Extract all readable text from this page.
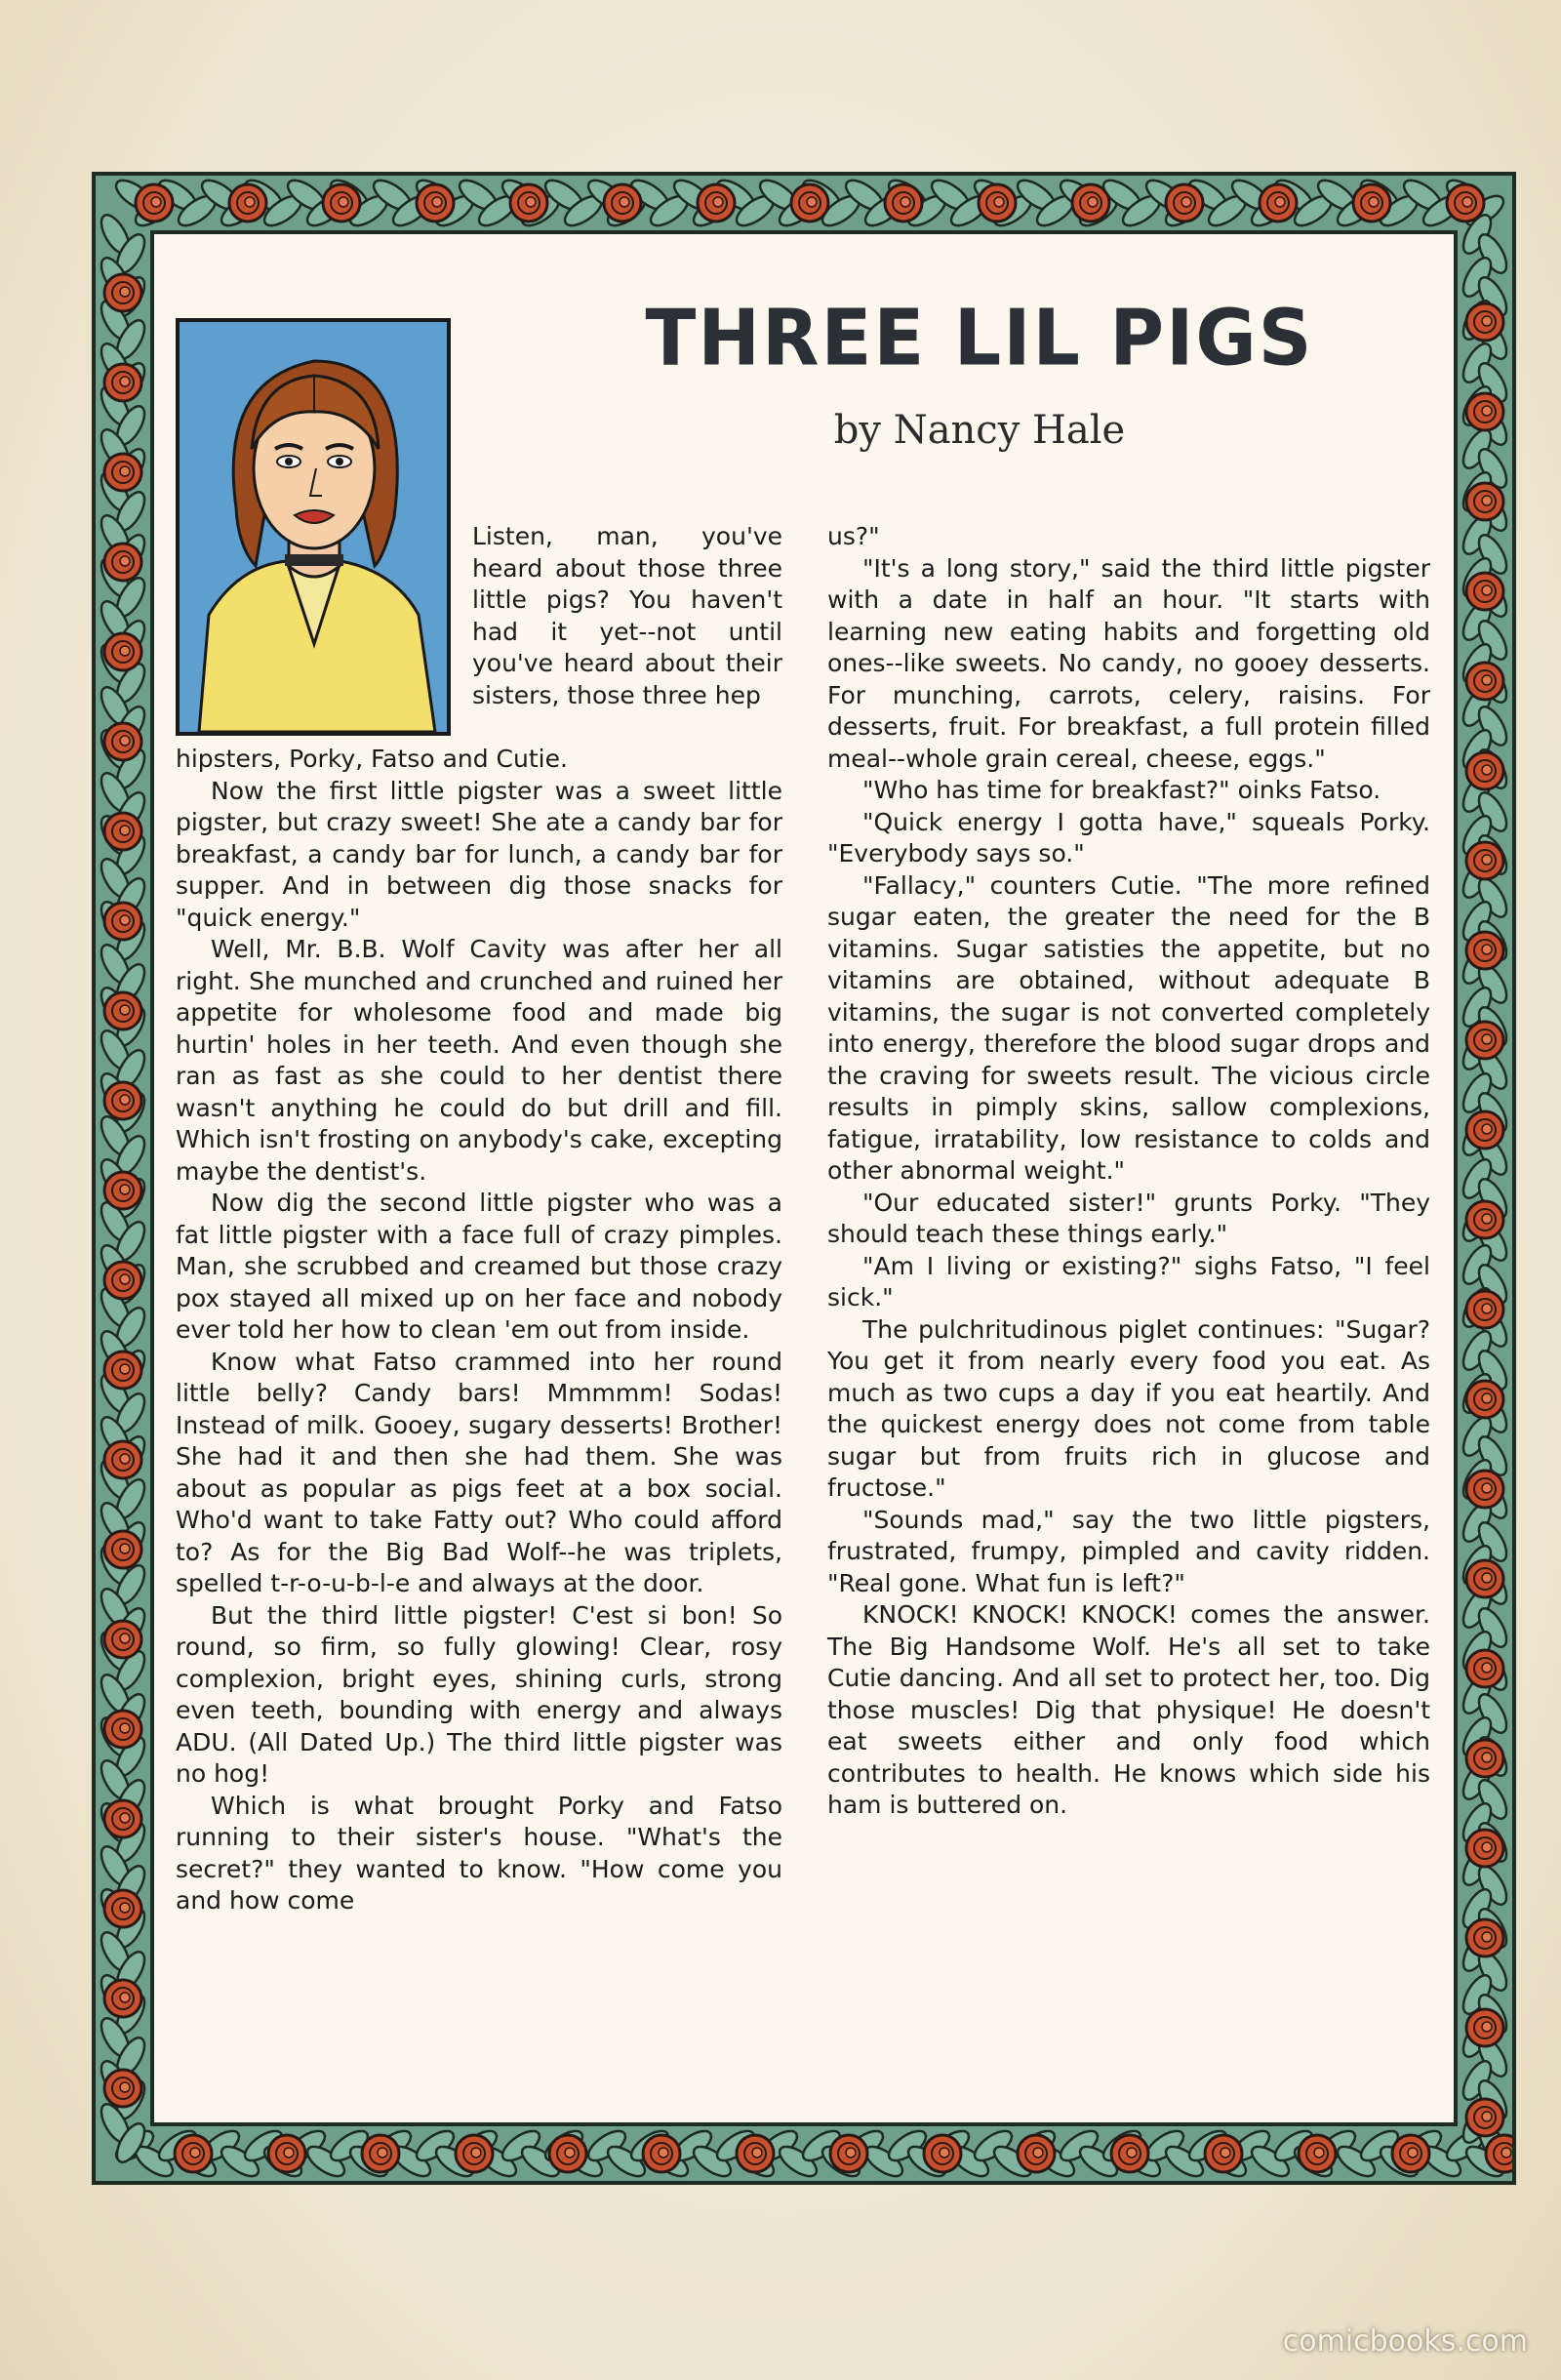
THREE LIL PIGS
by Nancy Hale

Listen, man, you've heard about those three little pigs? You haven't had it yet--not until you've heard about their sisters, those three hep

hipsters, Porky, Fatso and Cutie.

Now the first little pigster was a sweet little pigster, but crazy sweet! She ate a candy bar for breakfast, a candy bar for lunch, a candy bar for supper. And in between dig those snacks for "quick energy."

Well, Mr. B.B. Wolf Cavity was after her all right. She munched and crunched and ruined her appetite for wholesome food and made big hurtin' holes in her teeth. And even though she ran as fast as she could to her dentist there wasn't anything he could do but drill and fill. Which isn't frosting on anybody's cake, excepting maybe the dentist's.

Now dig the second little pigster who was a fat little pigster with a face full of crazy pimples. Man, she scrubbed and creamed but those crazy pox stayed all mixed up on her face and nobody ever told her how to clean 'em out from inside.

Know what Fatso crammed into her round little belly? Candy bars! Mmmmm! Sodas! Instead of milk. Gooey, sugary desserts! Brother! She had it and then she had them. She was about as popular as pigs feet at a box social. Who'd want to take Fatty out? Who could afford to? As for the Big Bad Wolf--he was triplets, spelled t-r-o-u-b-l-e and always at the door.

But the third little pigster! C'est si bon! So round, so firm, so fully glowing! Clear, rosy complexion, bright eyes, shining curls, strong even teeth, bounding with energy and always ADU. (All Dated Up.) The third little pigster was no hog!

Which is what brought Porky and Fatso running to their sister's house. "What's the secret?" they wanted to know. "How come you and how come

us?"

"It's a long story," said the third little pigster with a date in half an hour. "It starts with learning new eating habits and forgetting old ones--like sweets. No candy, no gooey desserts. For munching, carrots, celery, raisins. For desserts, fruit. For breakfast, a full protein filled meal--whole grain cereal, cheese, eggs."

"Who has time for breakfast?" oinks Fatso.

"Quick energy I gotta have," squeals Porky. "Everybody says so."

"Fallacy," counters Cutie. "The more refined sugar eaten, the greater the need for the B vitamins. Sugar satisties the appetite, but no vitamins are obtained, without adequate B vitamins, the sugar is not converted completely into energy, therefore the blood sugar drops and the craving for sweets result. The vicious circle results in pimply skins, sallow complexions, fatigue, irratability, low resistance to colds and other abnormal weight."

"Our educated sister!" grunts Porky. "They should teach these things early."

"Am I living or existing?" sighs Fatso, "I feel sick."

The pulchritudinous piglet continues: "Sugar? You get it from nearly every food you eat. As much as two cups a day if you eat heartily. And the quickest energy does not come from table sugar but from fruits rich in glucose and fructose."

"Sounds mad," say the two little pigsters, frustrated, frumpy, pimpled and cavity ridden. "Real gone. What fun is left?"

KNOCK! KNOCK! KNOCK! comes the answer. The Big Handsome Wolf. He's all set to take Cutie dancing. And all set to protect her, too. Dig those muscles! Dig that physique! He doesn't eat sweets either and only food which contributes to health. He knows which side his ham is buttered on.

comicbooks.com
